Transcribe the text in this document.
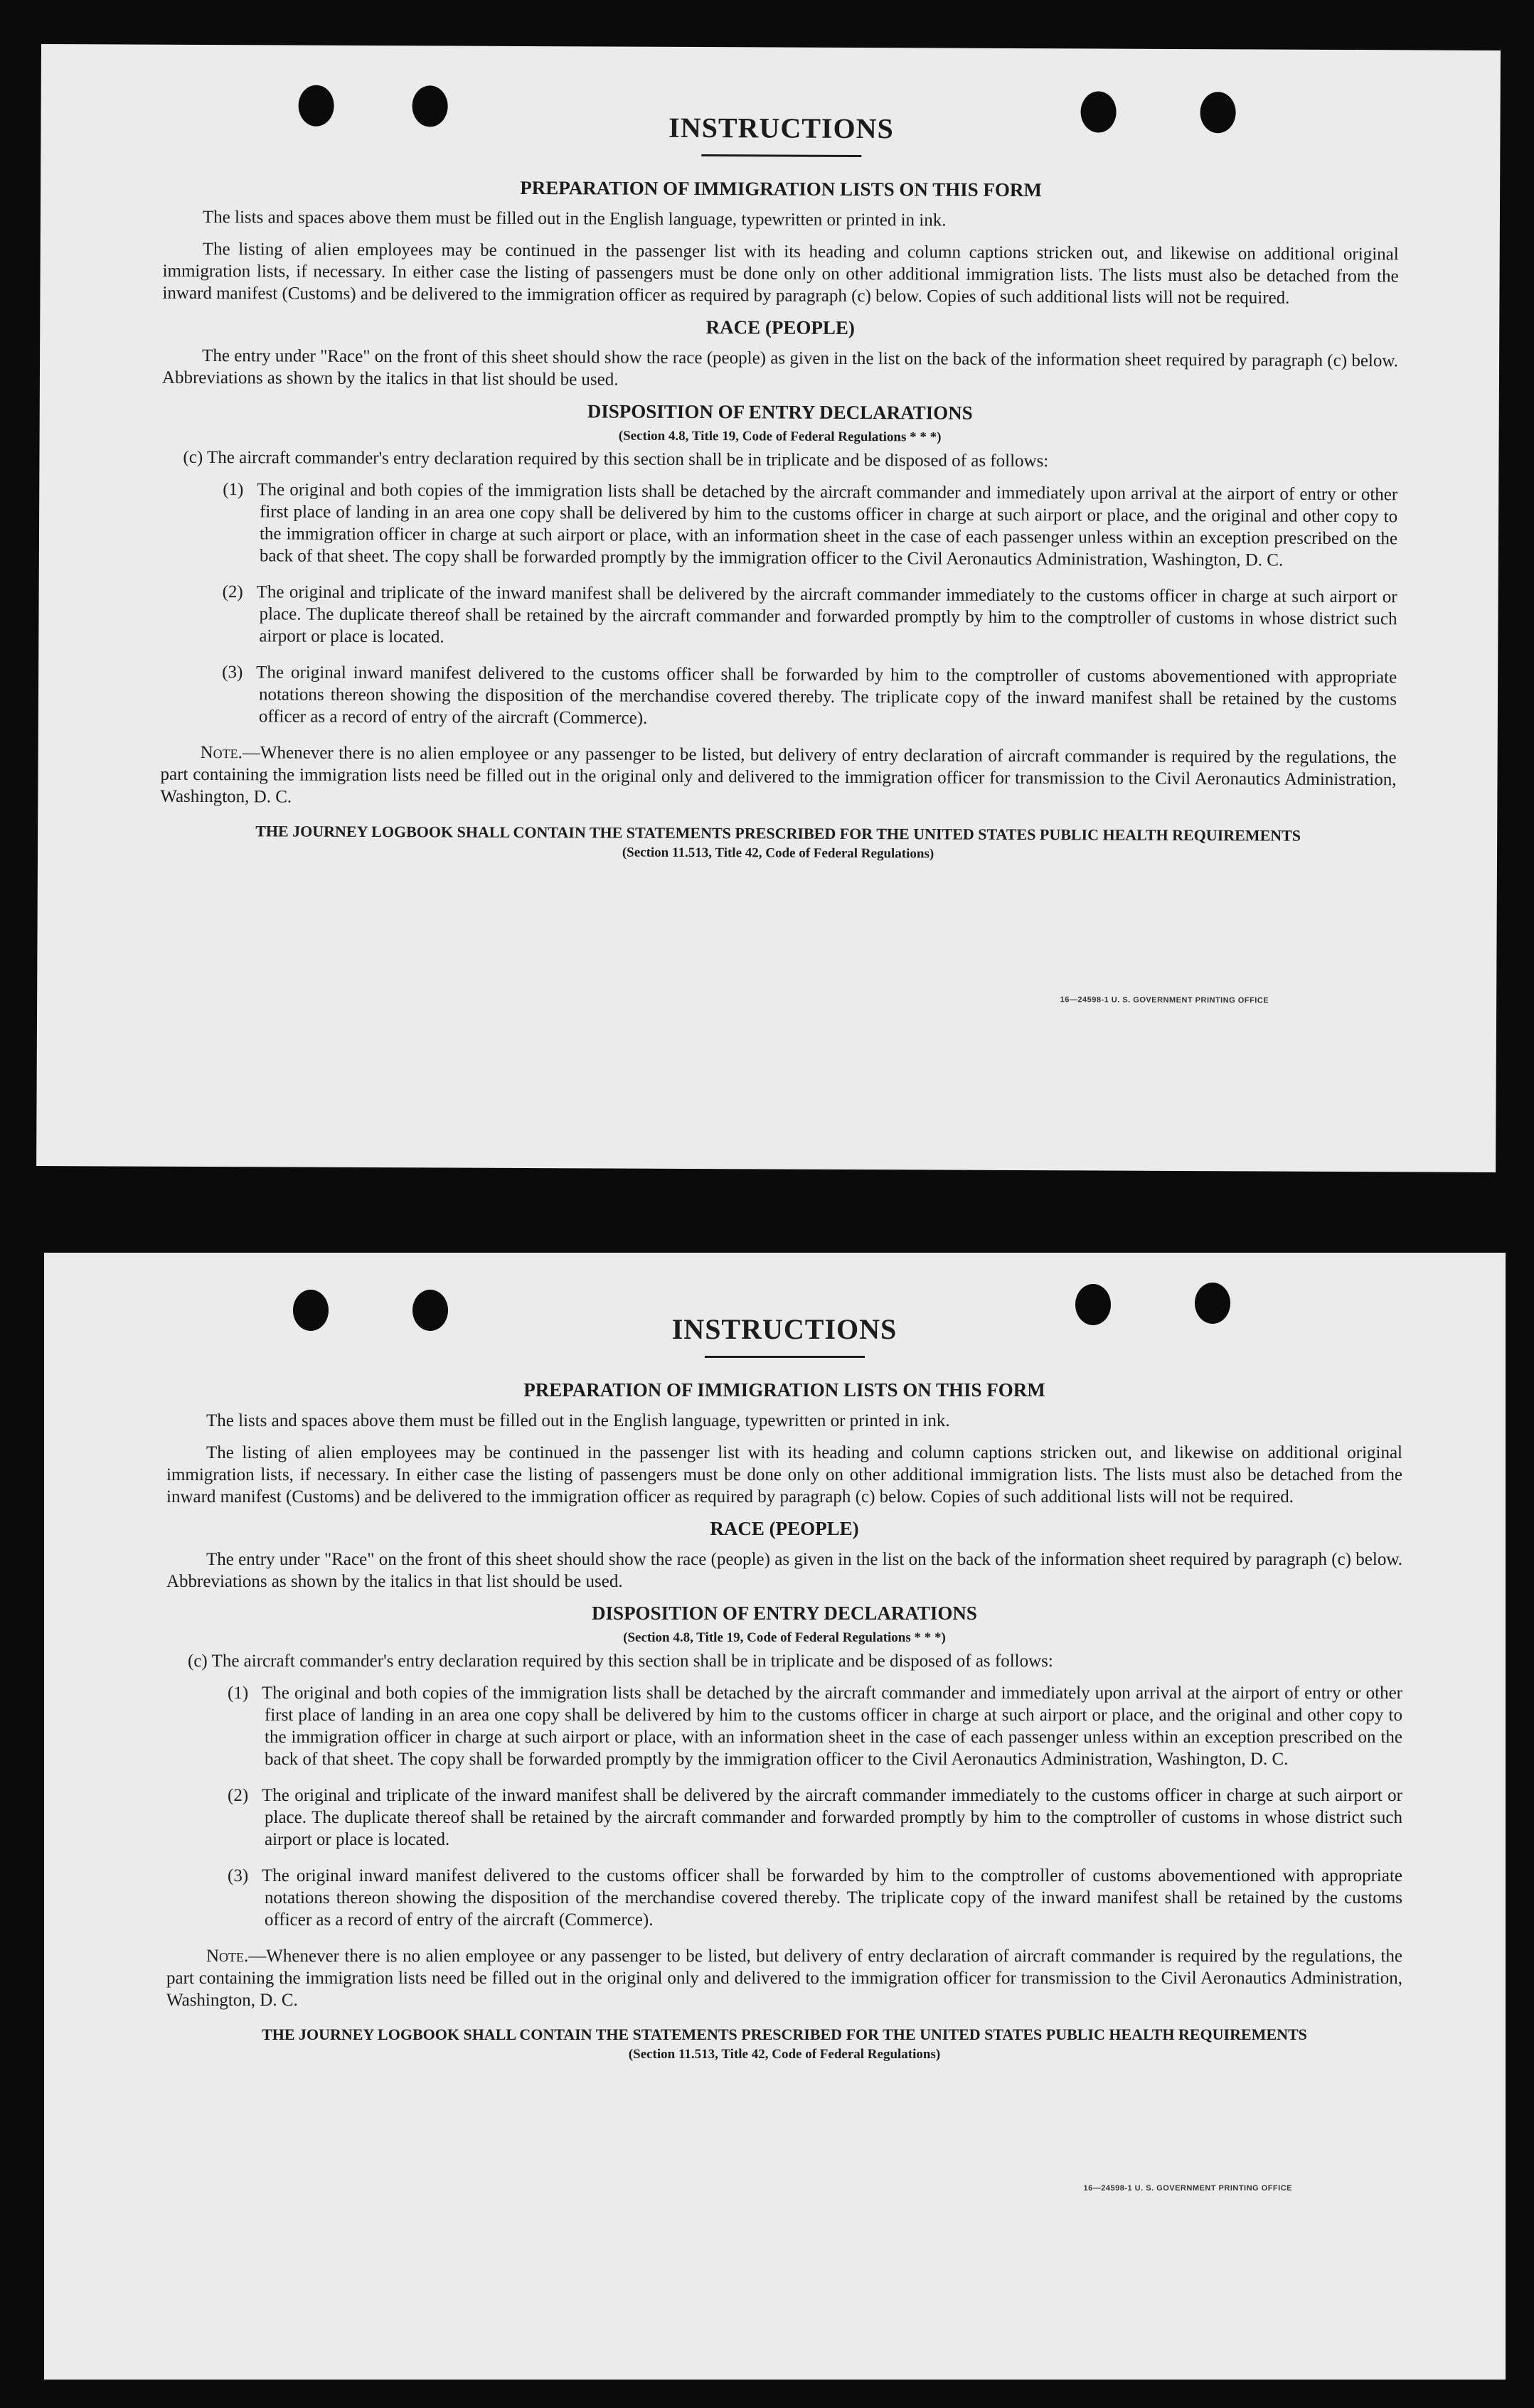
INSTRUCTIONS
PREPARATION OF IMMIGRATION LISTS ON THIS FORM

The lists and spaces above them must be filled out in the English language, typewritten or printed in ink.

The listing of alien employees may be continued in the passenger list with its heading and column captions stricken out, and likewise on additional original immigration lists, if necessary. In either case the listing of passengers must be done only on other additional immigration lists. The lists must also be detached from the inward manifest (Customs) and be delivered to the immigration officer as required by paragraph (c) below. Copies of such additional lists will not be required.

RACE (PEOPLE)

The entry under "Race" on the front of this sheet should show the race (people) as given in the list on the back of the information sheet required by paragraph (c) below. Abbreviations as shown by the italics in that list should be used.

DISPOSITION OF ENTRY DECLARATIONS
(Section 4.8, Title 19, Code of Federal Regulations * * *)

(c) The aircraft commander's entry declaration required by this section shall be in triplicate and be disposed of as follows:

(1) The original and both copies of the immigration lists shall be detached by the aircraft commander and immediately upon arrival at the airport of entry or other first place of landing in an area one copy shall be delivered by him to the customs officer in charge at such airport or place, and the original and other copy to the immigration officer in charge at such airport or place, with an information sheet in the case of each passenger unless within an exception prescribed on the back of that sheet. The copy shall be forwarded promptly by the immigration officer to the Civil Aeronautics Administration, Washington, D. C.
(2) The original and triplicate of the inward manifest shall be delivered by the aircraft commander immediately to the customs officer in charge at such airport or place. The duplicate thereof shall be retained by the aircraft commander and forwarded promptly by him to the comptroller of customs in whose district such airport or place is located.
(3) The original inward manifest delivered to the customs officer shall be forwarded by him to the comptroller of customs abovementioned with appropriate notations thereon showing the disposition of the merchandise covered thereby. The triplicate copy of the inward manifest shall be retained by the customs officer as a record of entry of the aircraft (Commerce).

Note.—Whenever there is no alien employee or any passenger to be listed, but delivery of entry declaration of aircraft commander is required by the regulations, the part containing the immigration lists need be filled out in the original only and delivered to the immigration officer for transmission to the Civil Aeronautics Administration, Washington, D. C.

THE JOURNEY LOGBOOK SHALL CONTAIN THE STATEMENTS PRESCRIBED FOR THE UNITED STATES PUBLIC HEALTH REQUIREMENTS
(Section 11.513, Title 42, Code of Federal Regulations)
16—24598-1 U. S. GOVERNMENT PRINTING OFFICE
INSTRUCTIONS
PREPARATION OF IMMIGRATION LISTS ON THIS FORM

The lists and spaces above them must be filled out in the English language, typewritten or printed in ink.

The listing of alien employees may be continued in the passenger list with its heading and column captions stricken out, and likewise on additional original immigration lists, if necessary. In either case the listing of passengers must be done only on other additional immigration lists. The lists must also be detached from the inward manifest (Customs) and be delivered to the immigration officer as required by paragraph (c) below. Copies of such additional lists will not be required.

RACE (PEOPLE)

The entry under "Race" on the front of this sheet should show the race (people) as given in the list on the back of the information sheet required by paragraph (c) below. Abbreviations as shown by the italics in that list should be used.

DISPOSITION OF ENTRY DECLARATIONS
(Section 4.8, Title 19, Code of Federal Regulations * * *)

(c) The aircraft commander's entry declaration required by this section shall be in triplicate and be disposed of as follows:

(1) The original and both copies of the immigration lists shall be detached by the aircraft commander and immediately upon arrival at the airport of entry or other first place of landing in an area one copy shall be delivered by him to the customs officer in charge at such airport or place, and the original and other copy to the immigration officer in charge at such airport or place, with an information sheet in the case of each passenger unless within an exception prescribed on the back of that sheet. The copy shall be forwarded promptly by the immigration officer to the Civil Aeronautics Administration, Washington, D. C.
(2) The original and triplicate of the inward manifest shall be delivered by the aircraft commander immediately to the customs officer in charge at such airport or place. The duplicate thereof shall be retained by the aircraft commander and forwarded promptly by him to the comptroller of customs in whose district such airport or place is located.
(3) The original inward manifest delivered to the customs officer shall be forwarded by him to the comptroller of customs abovementioned with appropriate notations thereon showing the disposition of the merchandise covered thereby. The triplicate copy of the inward manifest shall be retained by the customs officer as a record of entry of the aircraft (Commerce).

Note.—Whenever there is no alien employee or any passenger to be listed, but delivery of entry declaration of aircraft commander is required by the regulations, the part containing the immigration lists need be filled out in the original only and delivered to the immigration officer for transmission to the Civil Aeronautics Administration, Washington, D. C.

THE JOURNEY LOGBOOK SHALL CONTAIN THE STATEMENTS PRESCRIBED FOR THE UNITED STATES PUBLIC HEALTH REQUIREMENTS
(Section 11.513, Title 42, Code of Federal Regulations)
16—24598-1 U. S. GOVERNMENT PRINTING OFFICE
